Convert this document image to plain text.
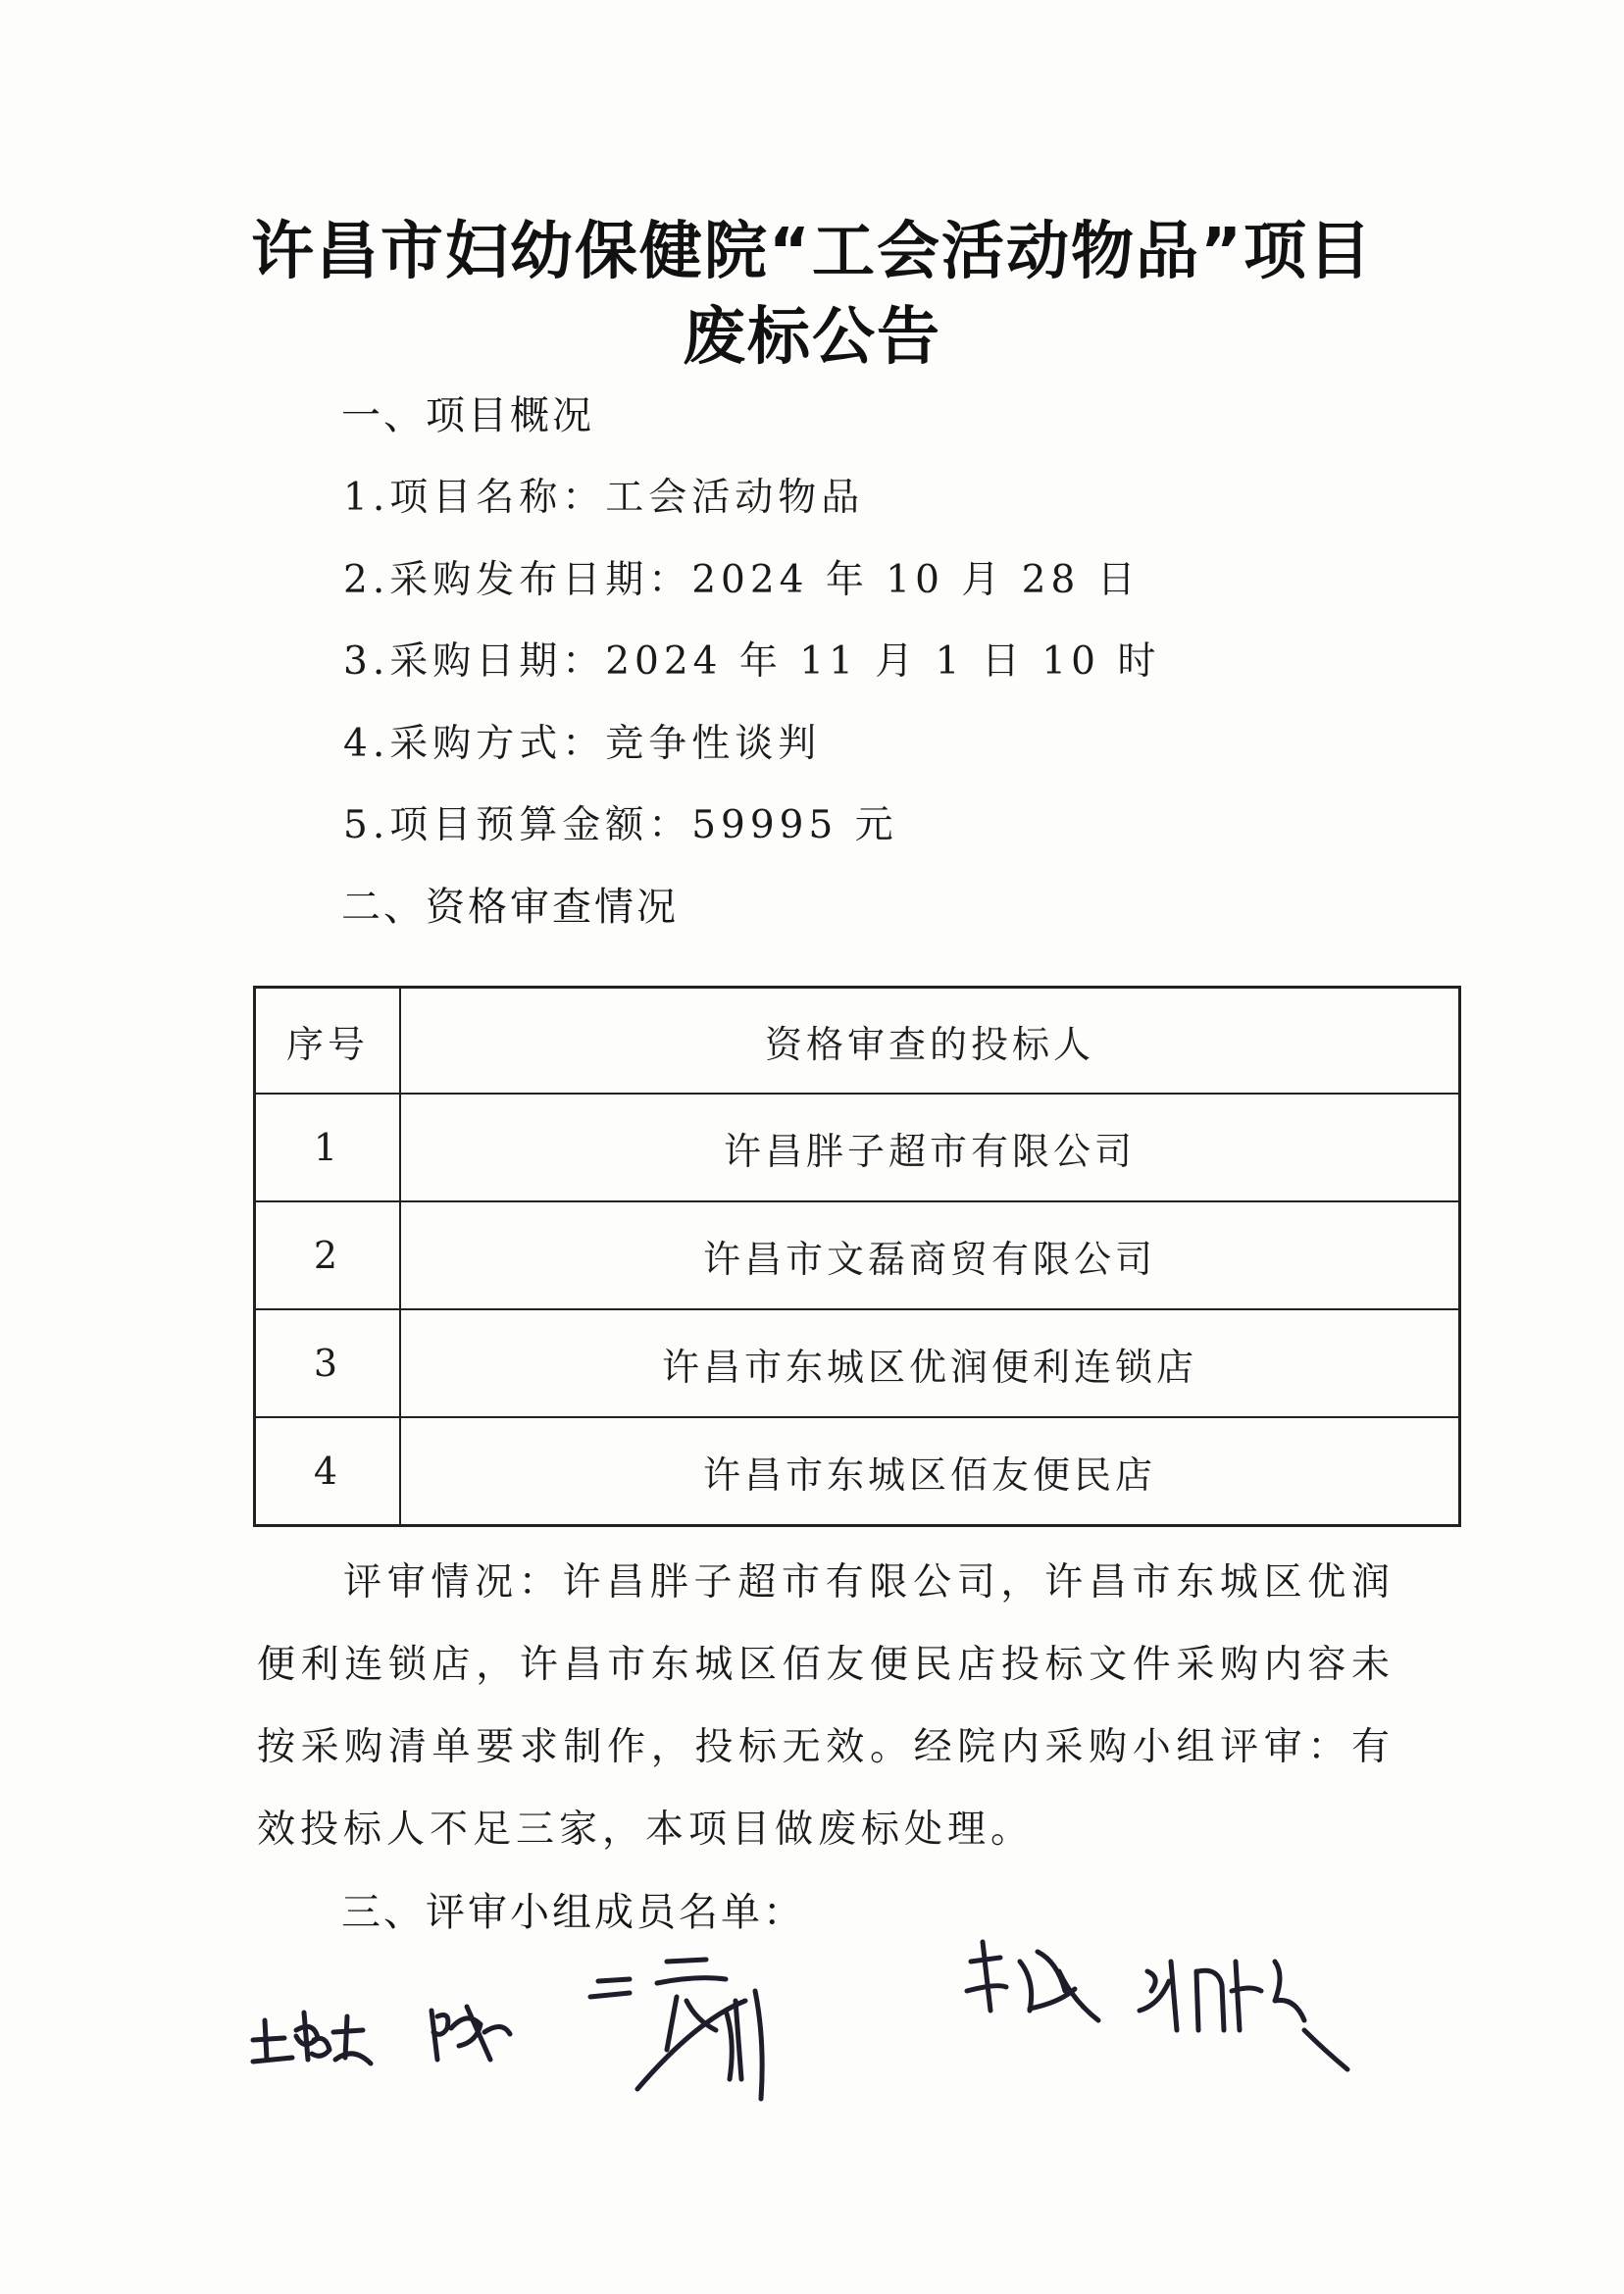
许昌市妇幼保健院“工会活动物品”项目
废标公告
一、项目概况
1.项目名称：工会活动物品
2.采购发布日期：2024 年 10 月 28 日
3.采购日期：2024 年 11 月 1 日 10 时
4.采购方式：竞争性谈判
5.项目预算金额：59995 元
二、资格审查情况
序号	资格审查的投标人
1	许昌胖子超市有限公司
2	许昌市文磊商贸有限公司
3	许昌市东城区优润便利连锁店
4	许昌市东城区佰友便民店
评审情况：许昌胖子超市有限公司，许昌市东城区优润便利连锁店，许昌市东城区佰友便民店投标文件采购内容未按采购清单要求制作，投标无效。经院内采购小组评审：有效投标人不足三家，本项目做废标处理。
三、评审小组成员名单：
